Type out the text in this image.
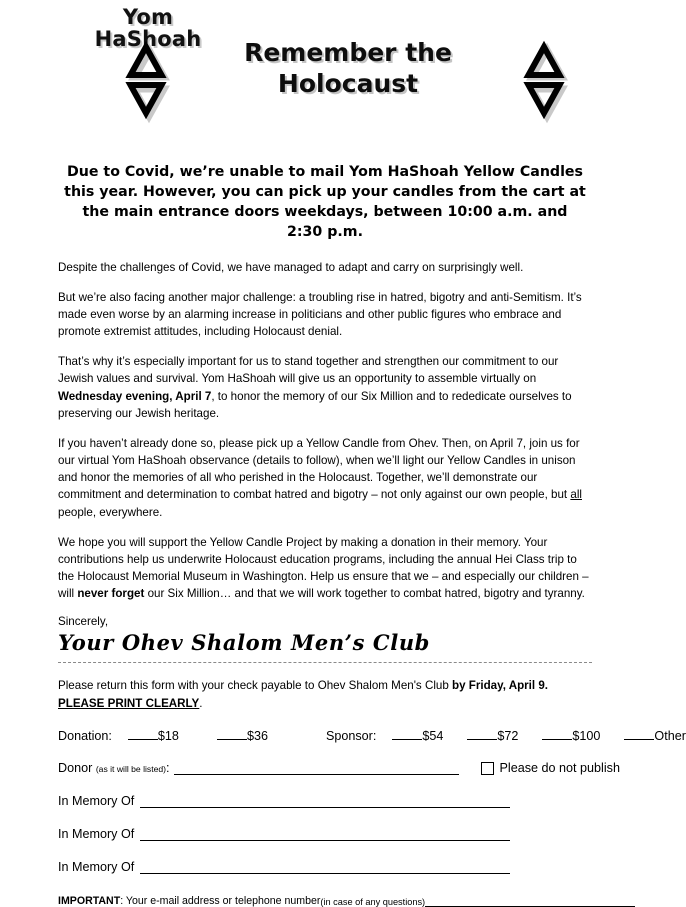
Yom
HaShoah	Remember the
Holocaust
Due to Covid, we’re unable to mail Yom HaShoah Yellow Candles this year. However, you can pick up your candles from the cart at the main entrance doors weekdays, between 10:00 a.m. and 2:30 p.m.

Despite the challenges of Covid, we have managed to adapt and carry on surprisingly well.

But we’re also facing another major challenge: a troubling rise in hatred, bigotry and anti-Semitism. It’s made even worse by an alarming increase in politicians and other public figures who embrace and promote extremist attitudes, including Holocaust denial.

That’s why it’s especially important for us to stand together and strengthen our commitment to our Jewish values and survival. Yom HaShoah will give us an opportunity to assemble virtually on Wednesday evening, April 7, to honor the memory of our Six Million and to rededicate ourselves to preserving our Jewish heritage.

If you haven’t already done so, please pick up a Yellow Candle from Ohev. Then, on April 7, join us for our virtual Yom HaShoah observance (details to follow), when we’ll light our Yellow Candles in unison and honor the memories of all who perished in the Holocaust. Together, we’ll demonstrate our commitment and determination to combat hatred and bigotry – not only against our own people, but all people, everywhere.

We hope you will support the Yellow Candle Project by making a donation in their memory. Your contributions help us underwrite Holocaust education programs, including the annual Hei Class trip to the Holocaust Memorial Museum in Washington. Help us ensure that we – and especially our children – will never forget our Six Million… and that we will work together to combat hatred, bigotry and tyranny.

Sincerely,
Your Ohev Shalom Men’s Club
Please return this form with your check payable to Ohev Shalom Men's Club by Friday, April 9.
PLEASE PRINT CLEARLY.
Donation:	$18	$36	Sponsor:	$54	$72	$100	Other
Donor (as it will be listed):	Please do not publish
In Memory Of
In Memory Of
In Memory Of
IMPORTANT : Your e-mail address or telephone number (in case of any questions)
